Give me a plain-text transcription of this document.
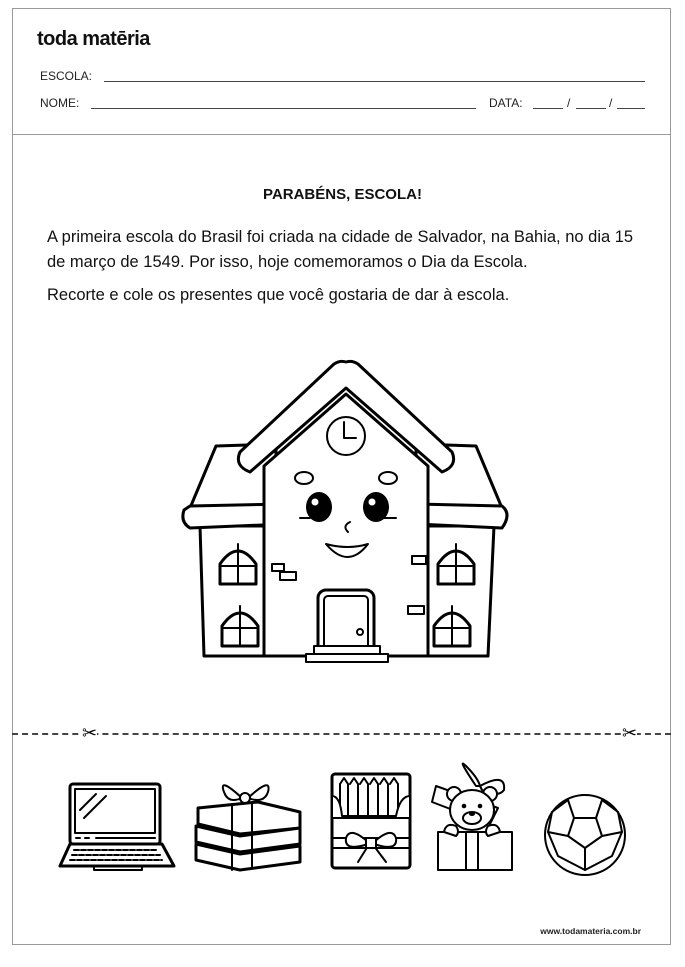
toda matēria
ESCOLA:
NOME:	DATA:	/	/
PARABÉNS, ESCOLA!
A primeira escola do Brasil foi criada na cidade de Salvador, na Bahia, no dia 15 de março de 1549. Por isso, hoje comemoramos o Dia da Escola.
Recorte e cole os presentes que você gostaria de dar à escola.
✂	✂
www.todamateria.com.br
